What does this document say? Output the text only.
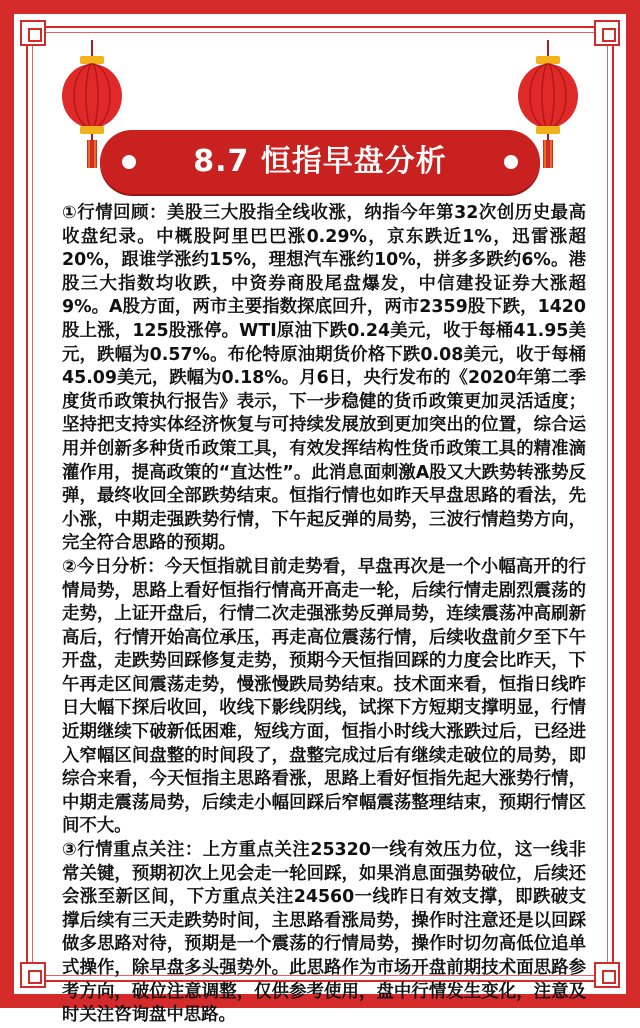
8.7 恒指早盘分析

①行情回顾：美股三大股指全线收涨，纳指今年第32次创历史最高收盘纪录。中概股阿里巴巴涨0.29%，京东跌近1%，迅雷涨超20%，跟谁学涨约15%，理想汽车涨约10%，拼多多跌约6%。港股三大指数均收跌，中资券商股尾盘爆发，中信建投证券大涨超9%。A股方面，两市主要指数探底回升，两市2359股下跌，1420股上涨，125股涨停。WTI原油下跌0.24美元，收于每桶41.95美元，跌幅为0.57%。布伦特原油期货价格下跌0.08美元，收于每桶45.09美元，跌幅为0.18%。月6日，央行发布的《2020年第二季度货币政策执行报告》表示，下一步稳健的货币政策更加灵活适度；坚持把支持实体经济恢复与可持续发展放到更加突出的位置，综合运用并创新多种货币政策工具，有效发挥结构性货币政策工具的精准滴灌作用，提高政策的“直达性”。此消息面刺激A股又大跌势转涨势反弹，最终收回全部跌势结束。恒指行情也如昨天早盘思路的看法，先小涨，中期走强跌势行情，下午起反弹的局势，三波行情趋势方向，完全符合思路的预期。

②今日分析：今天恒指就目前走势看，早盘再次是一个小幅高开的行情局势，思路上看好恒指行情高开高走一轮，后续行情走剧烈震荡的走势，上证开盘后，行情二次走强涨势反弹局势，连续震荡冲高刷新高后，行情开始高位承压，再走高位震荡行情，后续收盘前夕至下午开盘，走跌势回踩修复走势，预期今天恒指回踩的力度会比昨天，下午再走区间震荡走势，慢涨慢跌局势结束。技术面来看，恒指日线昨日大幅下探后收回，收线下影线阴线，试探下方短期支撑明显，行情近期继续下破新低困难，短线方面，恒指小时线大涨跌过后，已经进入窄幅区间盘整的时间段了，盘整完成过后有继续走破位的局势，即综合来看，今天恒指主思路看涨，思路上看好恒指先起大涨势行情，中期走震荡局势，后续走小幅回踩后窄幅震荡整理结束，预期行情区间不大。

③行情重点关注：上方重点关注25320一线有效压力位，这一线非常关键，预期初次上见会走一轮回踩，如果消息面强势破位，后续还会涨至新区间，下方重点关注24560一线昨日有效支撑，即跌破支撑后续有三天走跌势时间，主思路看涨局势，操作时注意还是以回踩做多思路对待，预期是一个震荡的行情局势，操作时切勿高低位追单式操作，除早盘多头强势外。此思路作为市场开盘前期技术面思路参考方向，破位注意调整，仅供参考使用，盘中行情发生变化，注意及时关注咨询盘中思路。
